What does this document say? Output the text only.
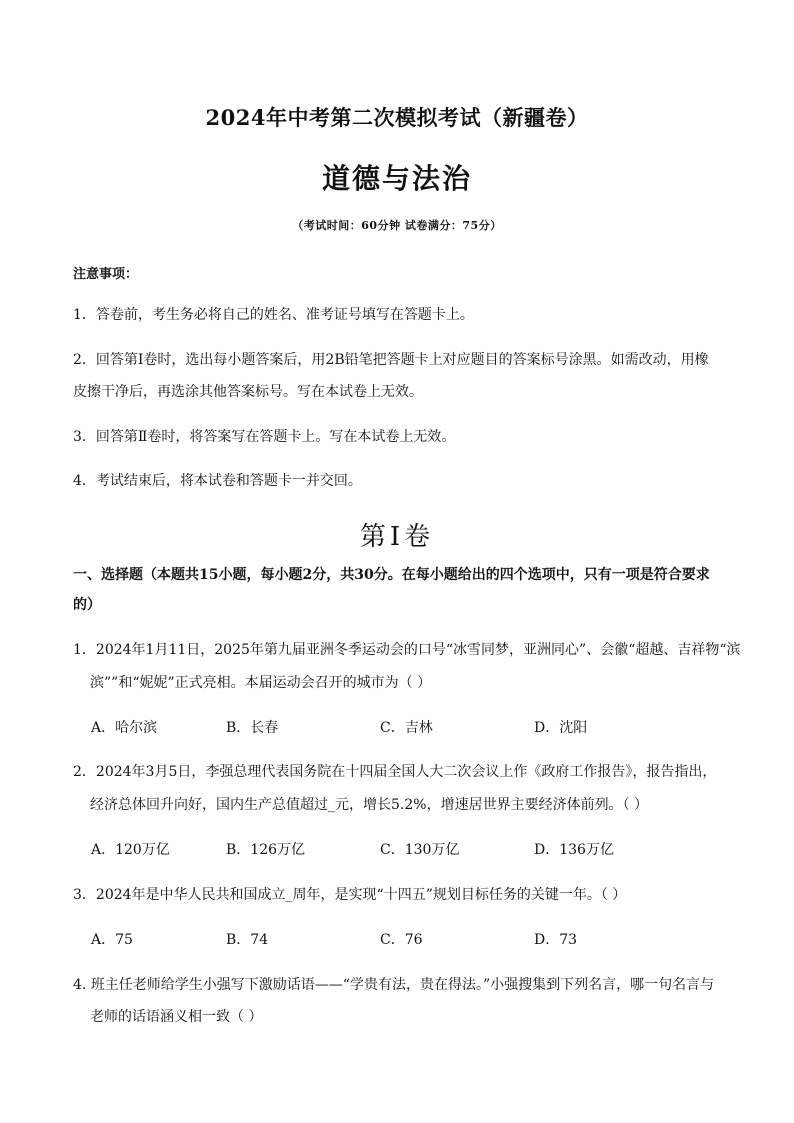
2024年中考第二次模拟考试（新疆卷）
道德与法治
（考试时间：60分钟 试卷满分：75分）
注意事项：
1．答卷前，考生务必将自己的姓名、准考证号填写在答题卡上。
2．回答第Ⅰ卷时，选出每小题答案后，用2B铅笔把答题卡上对应题目的答案标号涂黑。如需改动，用橡
皮擦干净后，再选涂其他答案标号。写在本试卷上无效。
3．回答第Ⅱ卷时，将答案写在答题卡上。写在本试卷上无效。
4．考试结束后，将本试卷和答题卡一并交回。
第Ⅰ卷
一、选择题（本题共15小题，每小题2分，共30分。在每小题给出的四个选项中，只有一项是符合要求
的）
1．2024年1月11日，2025年第九届亚洲冬季运动会的口号“冰雪同梦，亚洲同心”、会徽“超越、吉祥物“滨
滨””和“妮妮”正式亮相。本届运动会召开的城市为（ ）
A．哈尔滨	B．长春	C．吉林	D．沈阳
2．2024年3月5日，李强总理代表国务院在十四届全国人大二次会议上作《政府工作报告》，报告指出，
经济总体回升向好，国内生产总值超过_元，增长5.2%，增速居世界主要经济体前列。（ ）
A．120万亿	B．126万亿	C．130万亿	D．136万亿
3．2024年是中华人民共和国成立_周年，是实现“十四五”规划目标任务的关键一年。（ ）
A．75	B．74	C．76	D．73
4. 班主任老师给学生小强写下激励话语——“学贵有法，贵在得法。”小强搜集到下列名言，哪一句名言与
老师的话语涵义相一致（ ）
